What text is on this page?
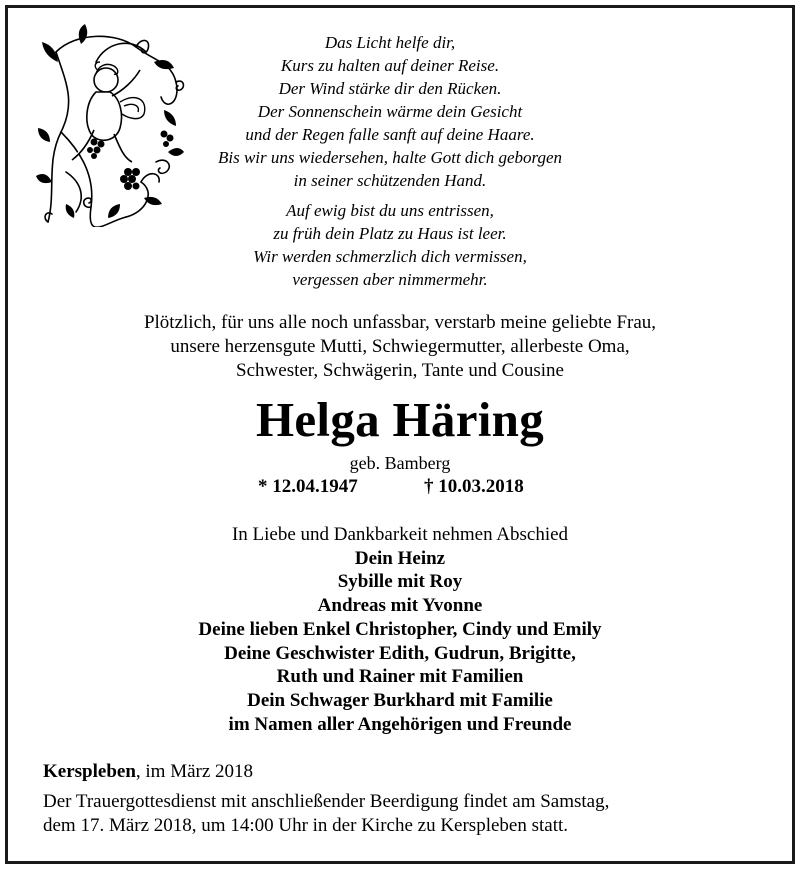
Das Licht helfe dir,
Kurs zu halten auf deiner Reise.
Der Wind stärke dir den Rücken.
Der Sonnenschein wärme dein Gesicht
und der Regen falle sanft auf deine Haare.
Bis wir uns wiedersehen, halte Gott dich geborgen
in seiner schützenden Hand.
Auf ewig bist du uns entrissen,
zu früh dein Platz zu Haus ist leer.
Wir werden schmerzlich dich vermissen,
vergessen aber nimmermehr.
Plötzlich, für uns alle noch unfassbar, verstarb meine geliebte Frau,
unsere herzensgute Mutti, Schwiegermutter, allerbeste Oma,
Schwester, Schwägerin, Tante und Cousine
Helga Häring
geb. Bamberg
* 12.04.1947	† 10.03.2018
In Liebe und Dankbarkeit nehmen Abschied
Dein Heinz
Sybille mit Roy
Andreas mit Yvonne
Deine lieben Enkel Christopher, Cindy und Emily
Deine Geschwister Edith, Gudrun, Brigitte,
Ruth und Rainer mit Familien
Dein Schwager Burkhard mit Familie
im Namen aller Angehörigen und Freunde
Kerspleben, im März 2018
Der Trauergottesdienst mit anschließender Beerdigung findet am Samstag,
dem 17. März 2018, um 14:00 Uhr in der Kirche zu Kerspleben statt.
